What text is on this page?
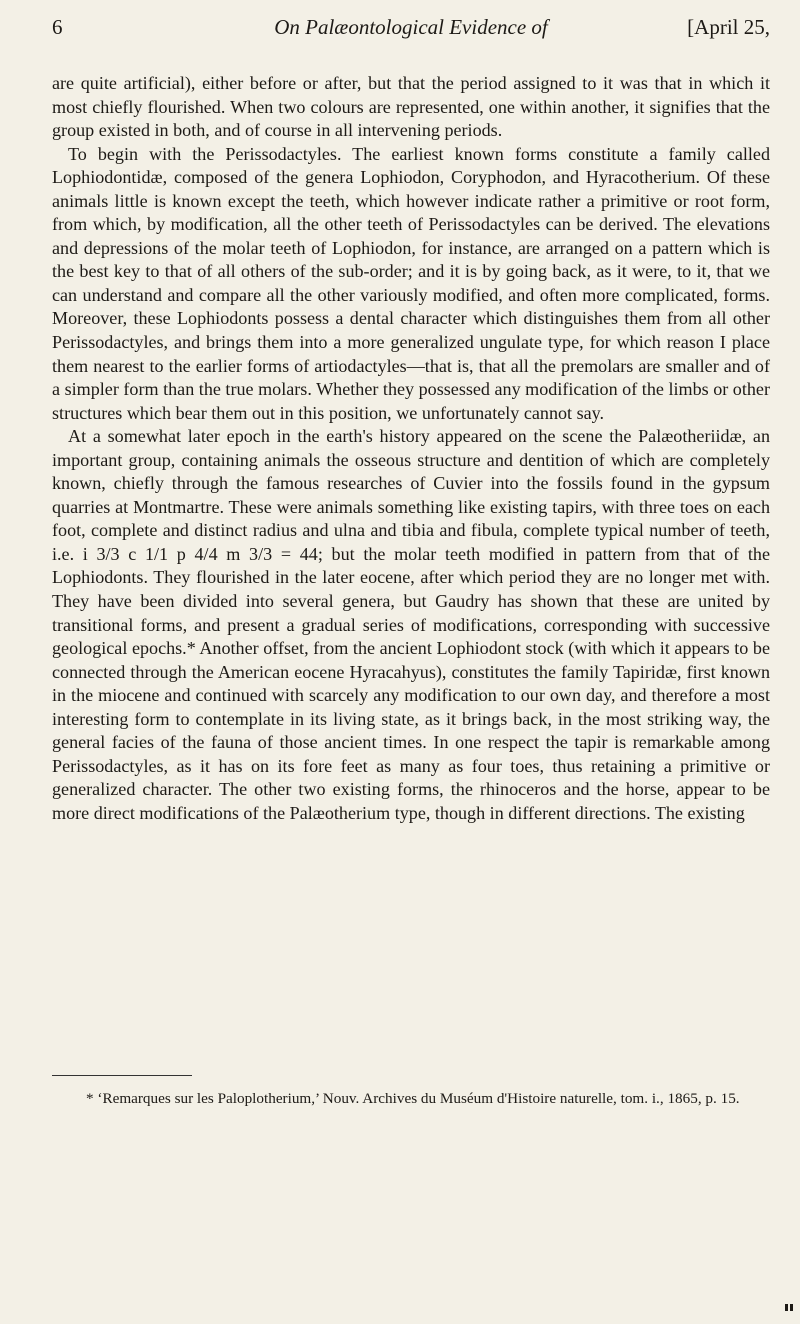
6	On Palæontological Evidence of	[April 25,

are quite artificial), either before or after, but that the period assigned to it was that in which it most chiefly flourished. When two colours are represented, one within another, it signifies that the group existed in both, and of course in all intervening periods.

To begin with the Perissodactyles. The earliest known forms constitute a family called Lophiodontidæ, composed of the genera Lophiodon, Coryphodon, and Hyracotherium. Of these animals little is known except the teeth, which however indicate rather a primitive or root form, from which, by modification, all the other teeth of Perissodactyles can be derived. The elevations and depressions of the molar teeth of Lophiodon, for instance, are arranged on a pattern which is the best key to that of all others of the sub-order; and it is by going back, as it were, to it, that we can understand and compare all the other variously modified, and often more complicated, forms. Moreover, these Lophiodonts possess a dental character which distinguishes them from all other Perissodactyles, and brings them into a more generalized ungulate type, for which reason I place them nearest to the earlier forms of artiodactyles—that is, that all the premolars are smaller and of a simpler form than the true molars. Whether they possessed any modification of the limbs or other structures which bear them out in this position, we unfortunately cannot say.

At a somewhat later epoch in the earth's history appeared on the scene the Palæotheriidæ, an important group, containing animals the osseous structure and dentition of which are completely known, chiefly through the famous researches of Cuvier into the fossils found in the gypsum quarries at Montmartre. These were animals something like existing tapirs, with three toes on each foot, complete and distinct radius and ulna and tibia and fibula, complete typical number of teeth, i.e. i 3/3 c 1/1 p 4/4 m 3/3 = 44; but the molar teeth modified in pattern from that of the Lophiodonts. They flourished in the later eocene, after which period they are no longer met with. They have been divided into several genera, but Gaudry has shown that these are united by transitional forms, and present a gradual series of modifications, corresponding with successive geological epochs.* Another offset, from the ancient Lophiodont stock (with which it appears to be connected through the American eocene Hyracahyus), constitutes the family Tapiridæ, first known in the miocene and continued with scarcely any modification to our own day, and therefore a most interesting form to contemplate in its living state, as it brings back, in the most striking way, the general facies of the fauna of those ancient times. In one respect the tapir is remarkable among Perissodactyles, as it has on its fore feet as many as four toes, thus retaining a primitive or generalized character. The other two existing forms, the rhinoceros and the horse, appear to be more direct modifications of the Palæotherium type, though in different directions. The existing

* ‘Remarques sur les Paloplotherium,’ Nouv. Archives du Muséum d'Histoire naturelle, tom. i., 1865, p. 15.
